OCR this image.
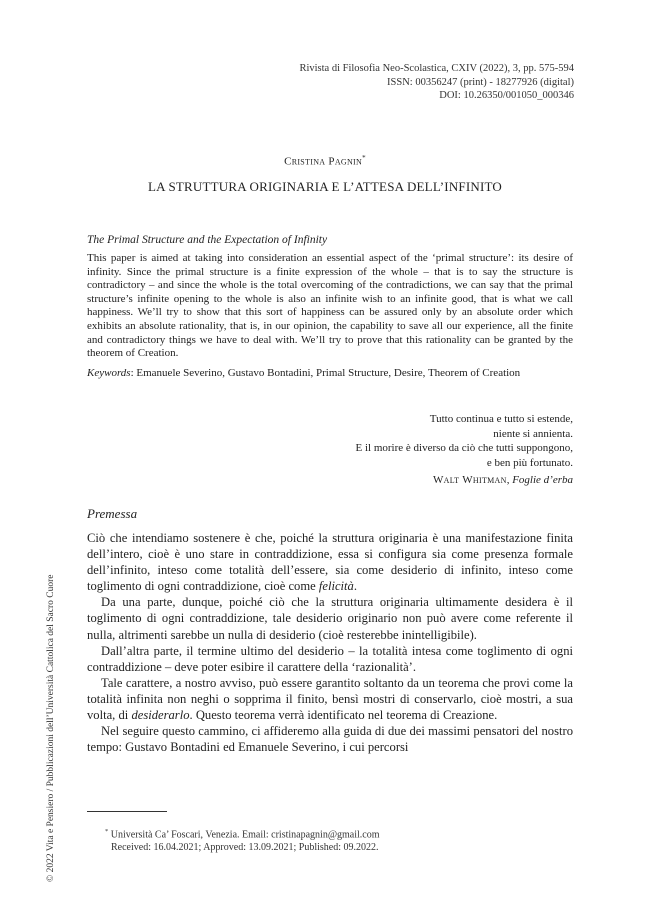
Rivista di Filosofia Neo-Scolastica, CXIV (2022), 3, pp. 575-594
ISSN: 00356247 (print) - 18277926 (digital)
DOI: 10.26350/001050_000346
Cristina Pagnin*
LA STRUTTURA ORIGINARIA E L’ATTESA DELL’INFINITO
The Primal Structure and the Expectation of Infinity

This paper is aimed at taking into consideration an essential aspect of the ‘primal structure’: its desire of infinity. Since the primal structure is a finite expression of the whole – that is to say the structure is contradictory – and since the whole is the total overcoming of the contradictions, we can say that the primal structure’s infinite opening to the whole is also an infinite wish to an infinite good, that is what we call happiness. We’ll try to show that this sort of happiness can be assured only by an absolute order which exhibits an absolute rationality, that is, in our opinion, the capability to save all our experience, all the finite and contradictory things we have to deal with. We’ll try to prove that this rationality can be granted by the theorem of Creation.

Keywords: Emanuele Severino, Gustavo Bontadini, Primal Structure, Desire, Theorem of Creation
Tutto continua e tutto si estende,
niente si annienta.
E il morire è diverso da ciò che tutti suppongono,
e ben più fortunato.
Walt Whitman, Foglie d’erba
© 2022 Vita e Pensiero / Pubblicazioni dell’Università Cattolica del Sacro Cuore
Premessa

Ciò che intendiamo sostenere è che, poiché la struttura originaria è una manifestazione finita dell’intero, cioè è uno stare in contraddizione, essa si configura sia come presenza formale dell’infinito, inteso come totalità dell’essere, sia come desiderio di infinito, inteso come toglimento di ogni contraddizione, cioè come felicità.

Da una parte, dunque, poiché ciò che la struttura originaria ultimamente desidera è il toglimento di ogni contraddizione, tale desiderio originario non può avere come referente il nulla, altrimenti sarebbe un nulla di desiderio (cioè resterebbe inintelligibile).

Dall’altra parte, il termine ultimo del desiderio – la totalità intesa come toglimento di ogni contraddizione – deve poter esibire il carattere della ‘razionalità’.

Tale carattere, a nostro avviso, può essere garantito soltanto da un teorema che provi come la totalità infinita non neghi o sopprima il finito, bensì mostri di conservarlo, cioè mostri, a sua volta, di desiderarlo. Questo teorema verrà identificato nel teorema di Creazione.

Nel seguire questo cammino, ci affideremo alla guida di due dei massimi pensatori del nostro tempo: Gustavo Bontadini ed Emanuele Severino, i cui percorsi

* Università Ca’ Foscari, Venezia. Email: cristinapagnin@gmail.com
Received: 16.04.2021; Approved: 13.09.2021; Published: 09.2022.
